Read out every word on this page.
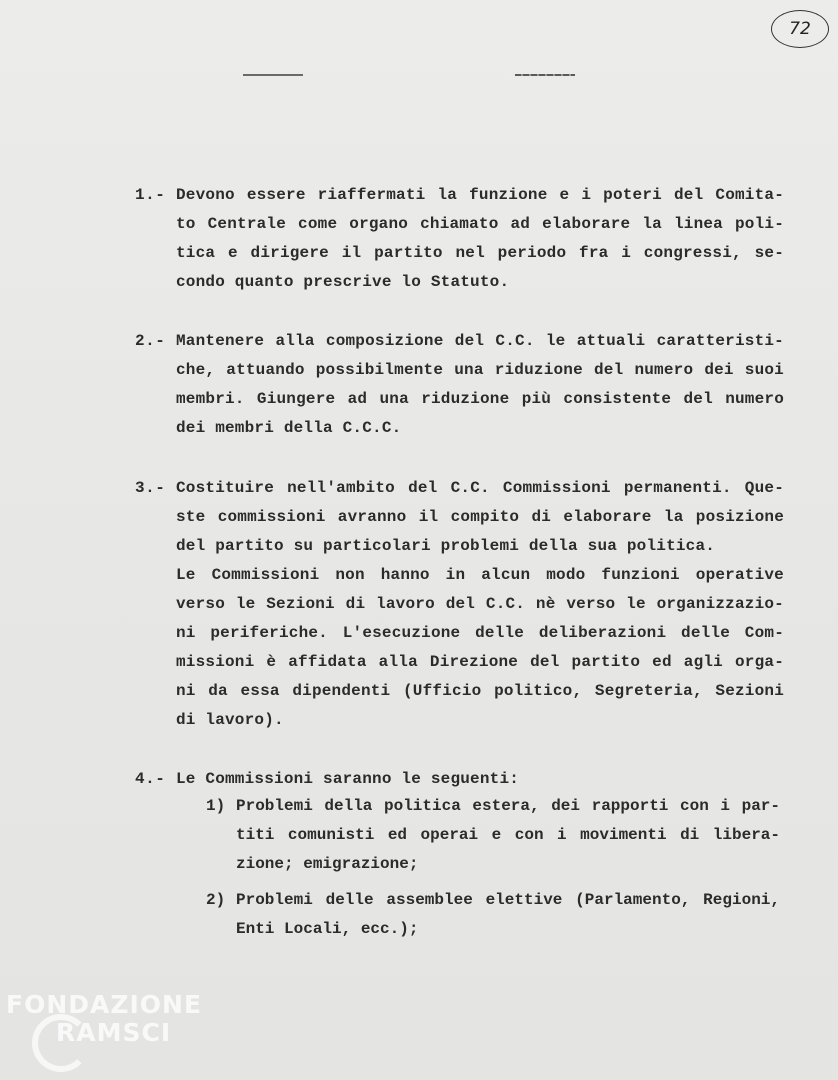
72
1.- Devono essere riaffermati la funzione e i poteri del Comita-
to Centrale come organo chiamato ad elaborare la linea poli-
tica e dirigere il partito nel periodo fra i congressi, se-
condo quanto prescrive lo Statuto.
2.- Mantenere alla composizione del C.C. le attuali caratteristi-
che, attuando possibilmente una riduzione del numero dei suoi
membri. Giungere ad una riduzione più consistente del numero
dei membri della C.C.C.
3.- Costituire nell'ambito del C.C. Commissioni permanenti. Que-
ste commissioni avranno il compito di elaborare la posizione
del partito su particolari problemi della sua politica.
Le Commissioni non hanno in alcun modo funzioni operative
verso le Sezioni di lavoro del C.C. nè verso le organizzazio-
ni periferiche. L'esecuzione delle deliberazioni delle Com-
missioni è affidata alla Direzione del partito ed agli orga-
ni da essa dipendenti (Ufficio politico, Segreteria, Sezioni
di lavoro).
4.- Le Commissioni saranno le seguenti:
1) Problemi della politica estera, dei rapporti con i par-
titi comunisti ed operai e con i movimenti di libera-
zione; emigrazione;
2) Problemi delle assemblee elettive (Parlamento, Regioni,
Enti Locali, ecc.);
FONDAZIONE
RAMSCI
